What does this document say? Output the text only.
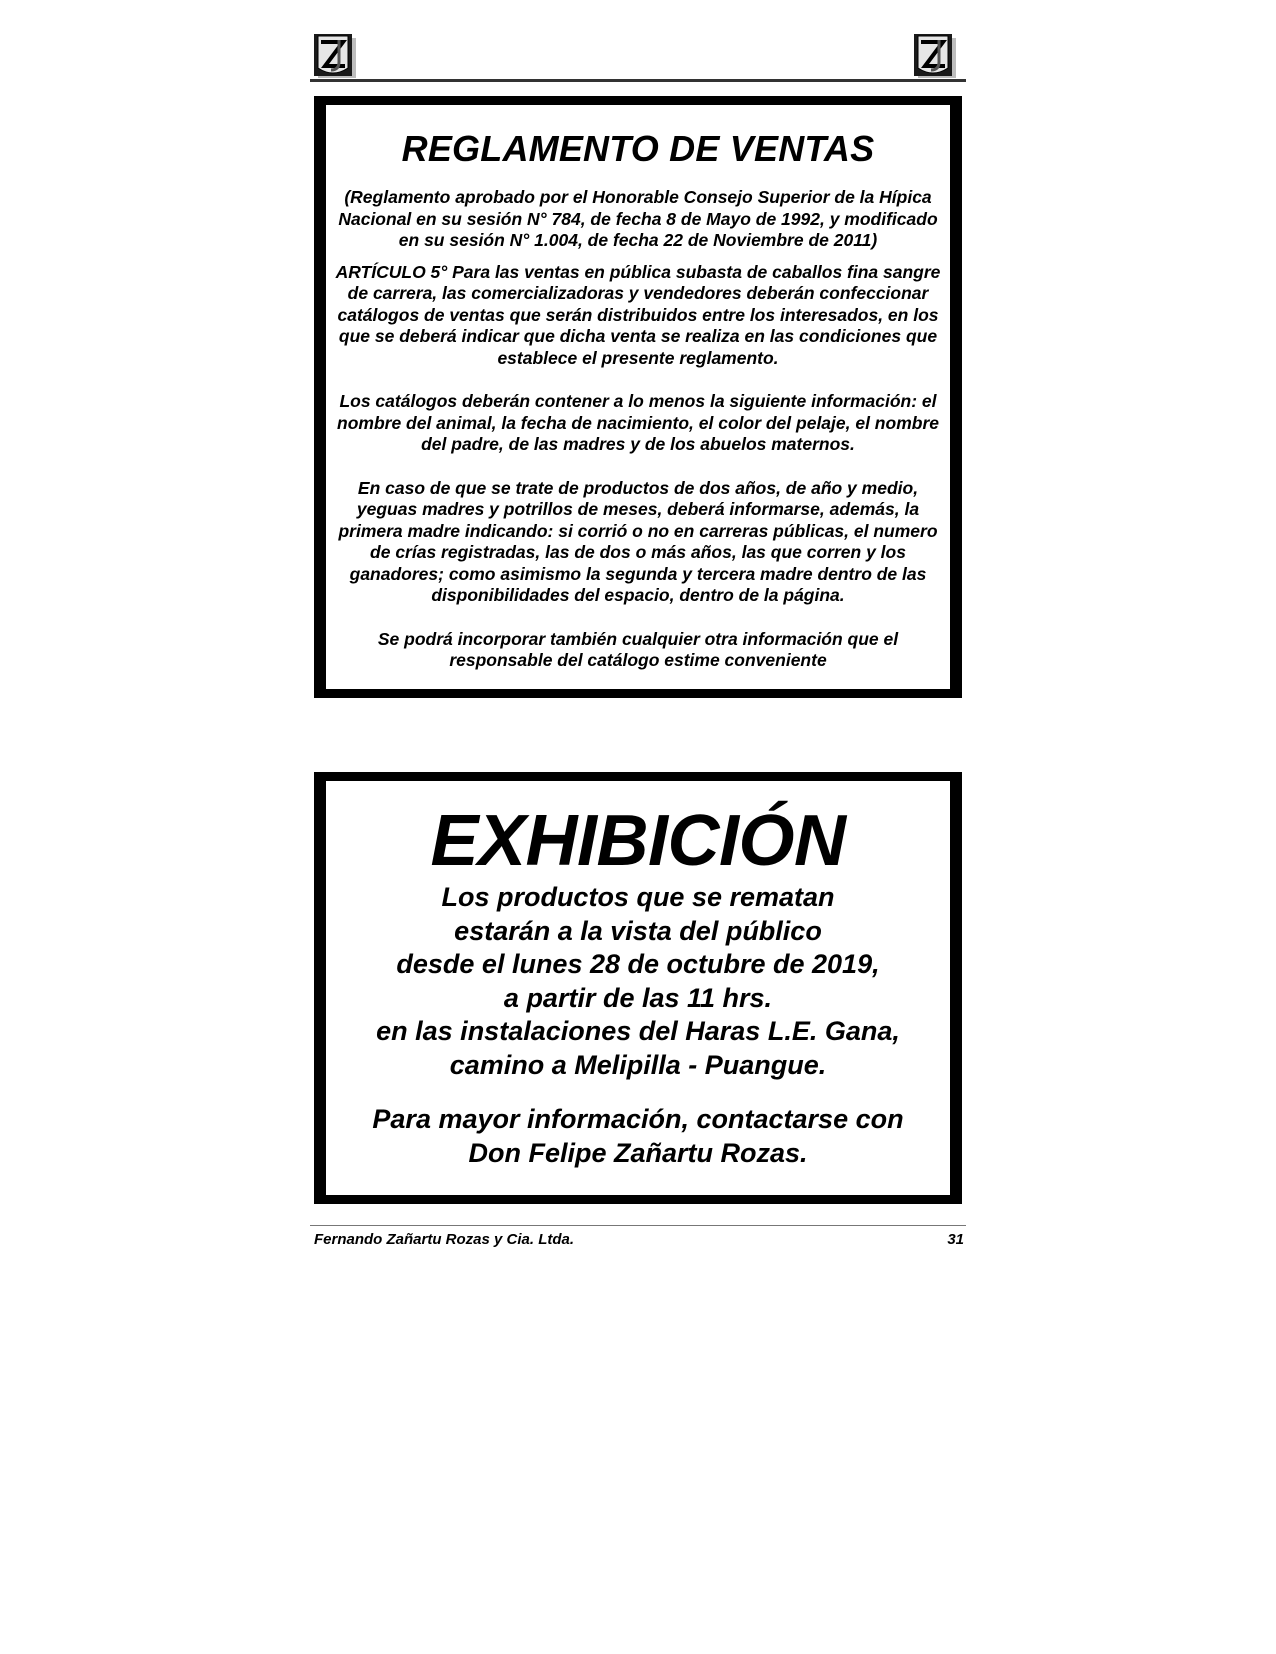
REGLAMENTO DE VENTAS
(Reglamento aprobado por el Honorable Consejo Superior de la Hípica Nacional en su sesión N° 784, de fecha 8 de Mayo de 1992, y modificado en su sesión N° 1.004, de fecha 22 de Noviembre de 2011)
ARTÍCULO 5° Para las ventas en pública subasta de caballos fina sangre de carrera, las comercializadoras y vendedores deberán confeccionar catálogos de ventas que serán distribuidos entre los interesados, en los que se deberá indicar que dicha venta se realiza en las condiciones que establece el presente reglamento.
Los catálogos deberán contener a lo menos la siguiente información: el nombre del animal, la fecha de nacimiento, el color del pelaje, el nombre del padre, de las madres y de los abuelos maternos.
En caso de que se trate de productos de dos años, de año y medio, yeguas madres y potrillos de meses, deberá informarse, además, la primera madre indicando: si corrió o no en carreras públicas, el numero de crías registradas, las de dos o más años, las que corren y los ganadores; como asimismo la segunda y tercera madre dentro de las disponibilidades del espacio, dentro de la página.
Se podrá incorporar también cualquier otra información que el responsable del catálogo estime conveniente
EXHIBICIÓN
Los productos que se rematan
estarán a la vista del público
desde el lunes 28 de octubre de 2019,
a partir de las 11 hrs.
en las instalaciones del Haras L.E. Gana,
camino a Melipilla - Puangue.
Para mayor información, contactarse con
Don Felipe Zañartu Rozas.
Fernando Zañartu Rozas y Cia. Ltda.	31
